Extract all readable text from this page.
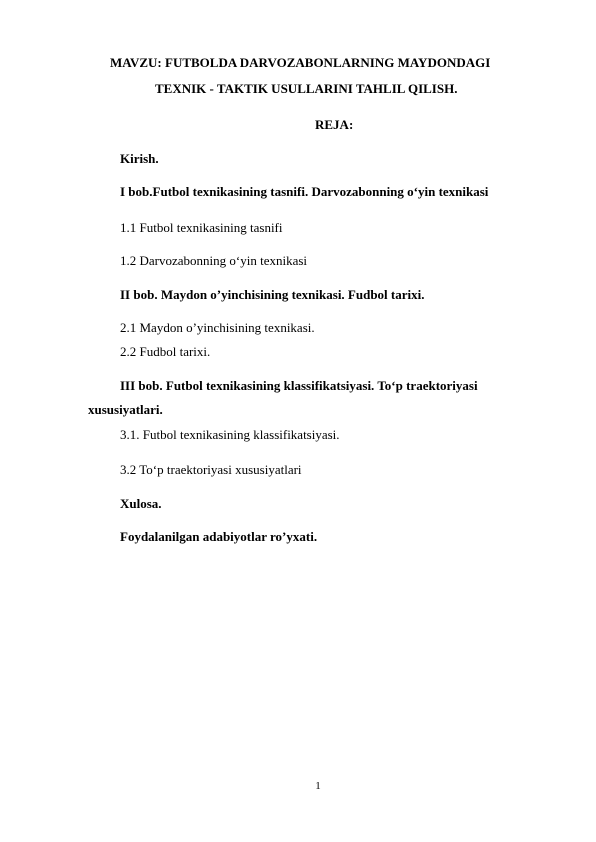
MAVZU: FUTBOLDA DARVOZABONLARNING MAYDONDAGI
TEXNIK - TAKTIK USULLARINI TAHLIL QILISH.
REJA:
Kirish.
I bob.Futbol texnikasining tasnifi. Darvozabonning o‘yin texnikasi
1.1 Futbol texnikasining tasnifi
1.2 Darvozabonning o‘yin texnikasi
II bob. Maydon o’yinchisining texnikasi. Fudbol tarixi.
2.1 Maydon o’yinchisining texnikasi.
2.2 Fudbol tarixi.
III bob. Futbol texnikasining klassifikatsiyasi. To‘p traektoriyasi
xususiyatlari.
3.1. Futbol texnikasining klassifikatsiyasi.
3.2 To‘p traektoriyasi xususiyatlari
Xulosa.
Foydalanilgan adabiyotlar ro’yxati.
1
